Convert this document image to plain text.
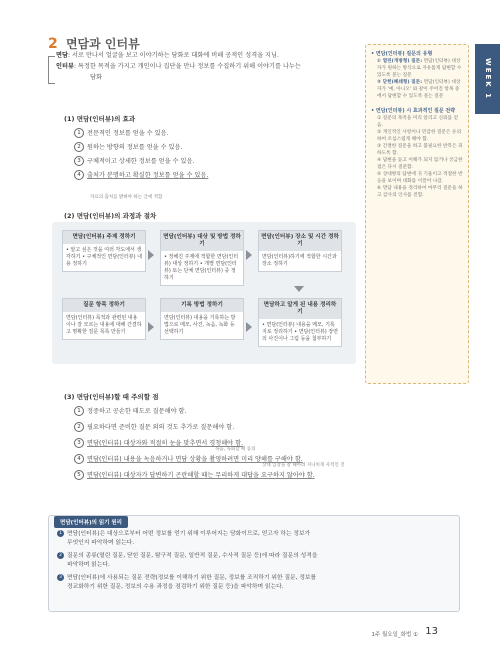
2 면담과 인터뷰
면담: 서로 만나서 얼굴을 보고 이야기하는 담화로 대화에 비해 공적인 성격을 지님.
인터뷰: 특정한 목적을 가지고 개인이나 집단을 만나 정보를 수집하기 위해 이야기를 나누는
담화
(1) 면담(인터뷰)의 효과
1 전문적인 정보를 얻을 수 있음.
2 원하는 방향의 정보를 얻을 수 있음.
3 구체적이고 상세한 정보를 얻을 수 있음.
4 출처가 분명하고 확실한 정보를 얻을 수 있음.
자료의 출처를 밝혀야 하는 글에 적합
(2) 면담(인터뷰)의 과정과 절차
면담(인터뷰) 주제 정하기
• 알고 싶은 것을 여러 각도에서 생각하기 • 구체적인 면담(인터뷰) 내용 정하기
면담(인터뷰) 대상 및 방법 정하기
• 정해진 주제에 적합한 면담(인터뷰) 대상 정하기 • 개별 면담(인터뷰) 또는 단체 면담(인터뷰) 중 정하기
면담(인터뷰) 장소 및 시간 정하기
면담(인터뷰)하기에 적합한 시간과 장소 정하기
질문 항목 정하기
면담(인터뷰) 목적과 관련된 내용이나 잘 모르는 내용에 대해 간결하고 명확한 질문 목록 만들기
기록 방법 정하기
면담(인터뷰) 내용을 기록하는 방법으로 메모, 사진, 녹음, 녹화 등 선택하기
면담하고 알게 된 내용 정리하기
• 면담(인터뷰) 내용을 메모, 기록지로 정리하기 • 면담(인터뷰) 장면의 사진이나 그림 등을 첨부하기
(3) 면담(인터뷰)할 때 주의할 점
1 정중하고 공손한 태도로 질문해야 함.
2 필요하다면 준비한 질문 외의 것도 추가로 질문해야 함.
3 면담(인터뷰) 대상자와 적절히 눈을 맞추면서 경청해야 함.
4 면담(인터뷰) 내용을 녹음하거나 면담 상황을 촬영하려면 미리 양해를 구해야 함.
5 면담(인터뷰) 대상자가 답변하기 곤란해할 때는 무리하게 대답을 요구하지 않아야 함.
녹음, 녹화할 때 동의
상대 입장을 잘 헤아려 지나치게 사적인 것
• 면담(인터뷰) 질문의 유형
① 열린(개방형) 질문: 면담(인터뷰) 대상자가 원하는 방식으로 자유롭게 답변할 수 있도록 묻는 질문
② 닫힌(폐쇄형) 질문: 면담(인터뷰) 대상자가 '예, 아니오' 와 같이 주어진 항목 중에서 답변할 수 있도록 묻는 질문
• 면담(인터뷰) 시 효과적인 질문 전략
① 질문의 목적을 미리 알리고 신뢰를 얻음.
② 개인적인 사항이나 민감한 질문은 유의하여 조심스럽게 해야 함.
③ 간결한 질문을 하고 불필요한 반복은 피하도록 함.
④ 답변을 듣고 이해가 되지 않거나 궁금한 점은 다시 질문함.
⑤ 상대방의 답변에 귀 기울이고 적절한 반응을 보이며 대화를 이끌어 나감.
⑥ 면담 내용을 정리하여 마무리 질문을 하고 감사의 인사를 전함.
WEEK 1
1 면담(인터뷰)은 대상으로부터 어떤 정보를 얻기 위해 이루어지는 담화이므로, 얻고자 하는 정보가
무엇인지 파악하며 읽는다.
2 질문의 종류(열린 질문, 닫힌 질문, 탐구적 질문, 일반적 질문, 수사적 질문 등)에 따라 질문의 성격을
파악하며 읽는다.
3 면담(인터뷰)에 사용되는 질문 전략(정보를 이해하기 위한 질문, 정보를 조직하기 위한 질문, 정보를
정교화하기 위한 질문, 정보의 수용 과정을 점검하기 위한 질문 등)을 파악하며 읽는다.
면담(인터뷰)의 읽기 원리
1주 월요일_화법 ① 13
